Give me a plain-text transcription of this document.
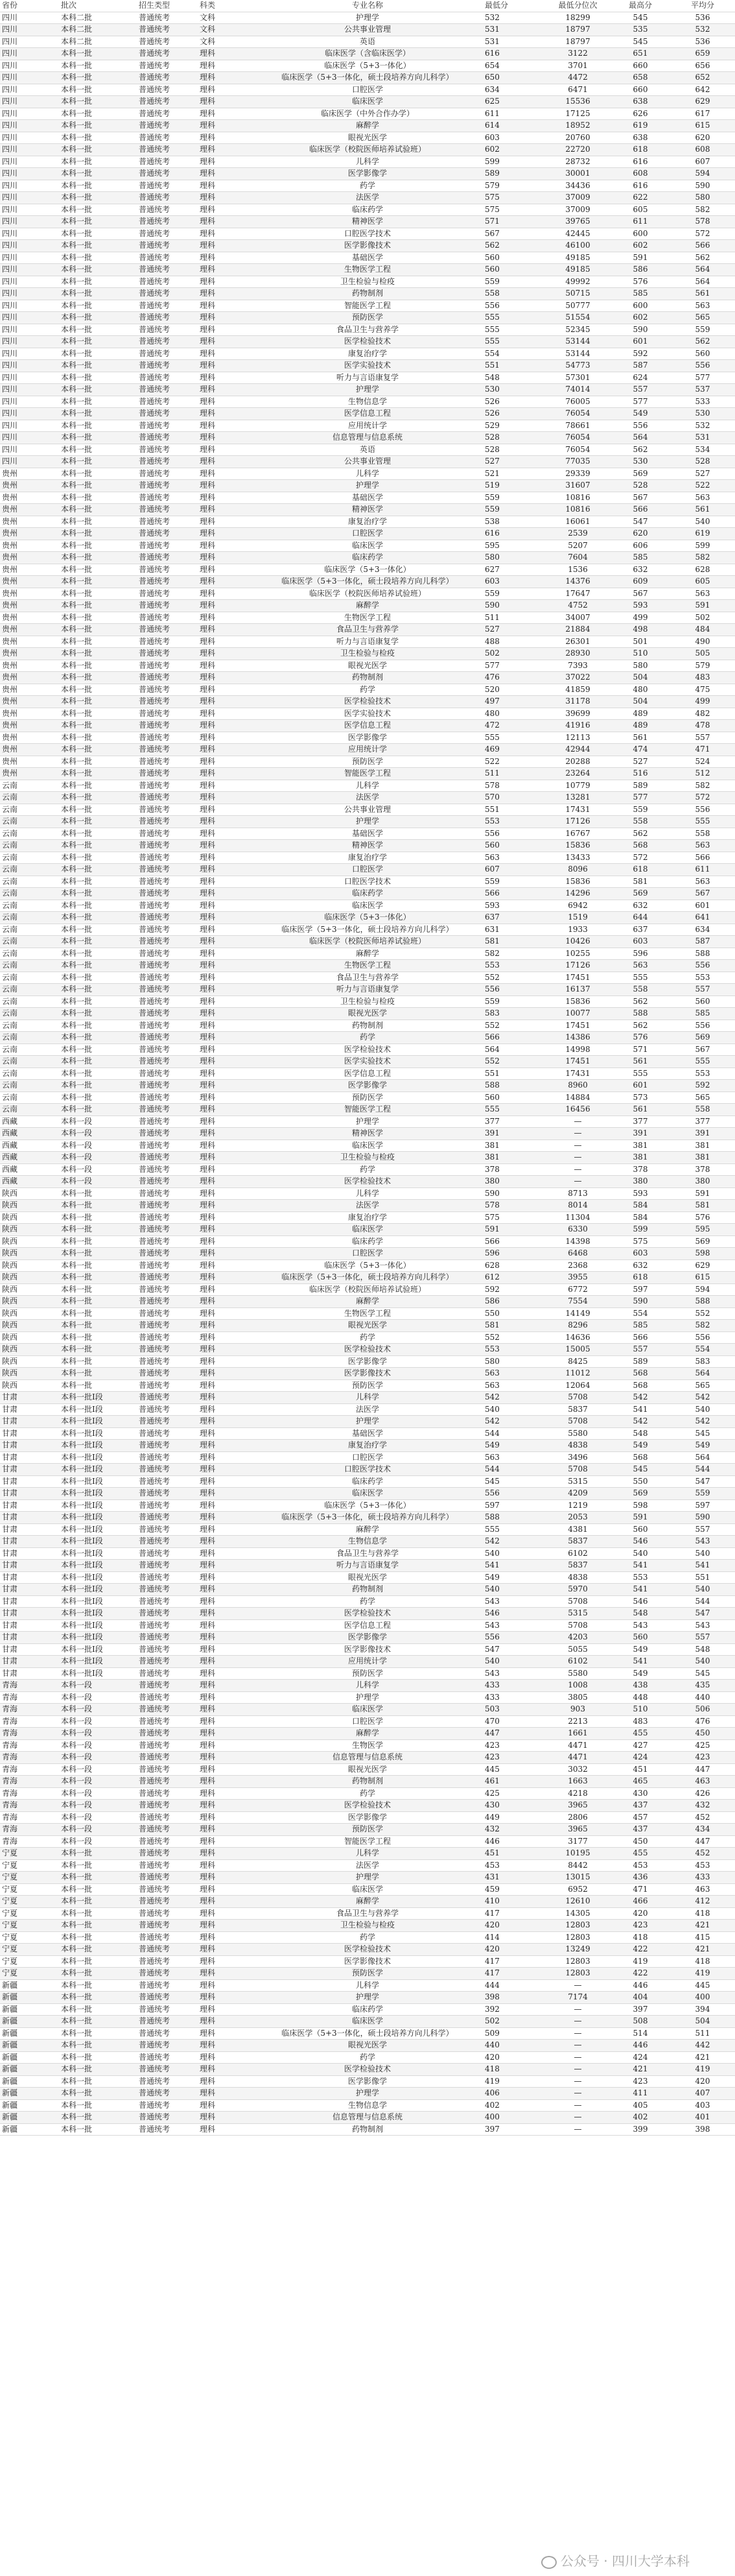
省份	批次	招生类型	科类	专业名称	最低分	最低分位次	最高分	平均分
四川	本科二批	普通统考	文科	护理学	532	18299	545	536
四川	本科二批	普通统考	文科	公共事业管理	531	18797	535	532
四川	本科二批	普通统考	文科	英语	531	18797	545	536
四川	本科一批	普通统考	理科	临床医学（含临床医学）	616	3122	651	659
四川	本科一批	普通统考	理科	临床医学（5+3一体化）	654	3701	660	656
四川	本科一批	普通统考	理科	临床医学（5+3一体化，硕士段培养方向儿科学）	650	4472	658	652
四川	本科一批	普通统考	理科	口腔医学	634	6471	660	642
四川	本科一批	普通统考	理科	临床医学	625	15536	638	629
四川	本科一批	普通统考	理科	临床医学（中外合作办学）	611	17125	626	617
四川	本科一批	普通统考	理科	麻醉学	614	18952	619	615
四川	本科一批	普通统考	理科	眼视光医学	603	20760	638	620
四川	本科一批	普通统考	理科	临床医学（校院医师培养试验班）	602	22720	618	608
四川	本科一批	普通统考	理科	儿科学	599	28732	616	607
四川	本科一批	普通统考	理科	医学影像学	589	30001	608	594
四川	本科一批	普通统考	理科	药学	579	34436	616	590
四川	本科一批	普通统考	理科	法医学	575	37009	622	580
四川	本科一批	普通统考	理科	临床药学	575	37009	605	582
四川	本科一批	普通统考	理科	精神医学	571	39765	611	578
四川	本科一批	普通统考	理科	口腔医学技术	567	42445	600	572
四川	本科一批	普通统考	理科	医学影像技术	562	46100	602	566
四川	本科一批	普通统考	理科	基础医学	560	49185	591	562
四川	本科一批	普通统考	理科	生物医学工程	560	49185	586	564
四川	本科一批	普通统考	理科	卫生检验与检疫	559	49992	576	564
四川	本科一批	普通统考	理科	药物制剂	558	50715	585	561
四川	本科一批	普通统考	理科	智能医学工程	556	50777	600	563
四川	本科一批	普通统考	理科	预防医学	555	51554	602	565
四川	本科一批	普通统考	理科	食品卫生与营养学	555	52345	590	559
四川	本科一批	普通统考	理科	医学检验技术	555	53144	601	562
四川	本科一批	普通统考	理科	康复治疗学	554	53144	592	560
四川	本科一批	普通统考	理科	医学实验技术	551	54773	587	556
四川	本科一批	普通统考	理科	听力与言语康复学	548	57301	624	577
四川	本科一批	普通统考	理科	护理学	530	74014	557	537
四川	本科一批	普通统考	理科	生物信息学	526	76005	577	533
四川	本科一批	普通统考	理科	医学信息工程	526	76054	549	530
四川	本科一批	普通统考	理科	应用统计学	529	78661	556	532
四川	本科一批	普通统考	理科	信息管理与信息系统	528	76054	564	531
四川	本科一批	普通统考	理科	英语	528	76054	562	534
四川	本科一批	普通统考	理科	公共事业管理	527	77035	530	528
贵州	本科一批	普通统考	理科	儿科学	521	29339	569	527
贵州	本科一批	普通统考	理科	护理学	519	31607	528	522
贵州	本科一批	普通统考	理科	基础医学	559	10816	567	563
贵州	本科一批	普通统考	理科	精神医学	559	10816	566	561
贵州	本科一批	普通统考	理科	康复治疗学	538	16061	547	540
贵州	本科一批	普通统考	理科	口腔医学	616	2539	620	619
贵州	本科一批	普通统考	理科	临床医学	595	5207	606	599
贵州	本科一批	普通统考	理科	临床药学	580	7604	585	582
贵州	本科一批	普通统考	理科	临床医学（5+3一体化）	627	1536	632	628
贵州	本科一批	普通统考	理科	临床医学（5+3一体化，硕士段培养方向儿科学）	603	14376	609	605
贵州	本科一批	普通统考	理科	临床医学（校院医师培养试验班）	559	17647	567	563
贵州	本科一批	普通统考	理科	麻醉学	590	4752	593	591
贵州	本科一批	普通统考	理科	生物医学工程	511	34007	499	502
贵州	本科一批	普通统考	理科	食品卫生与营养学	527	21884	498	484
贵州	本科一批	普通统考	理科	听力与言语康复学	488	26301	501	490
贵州	本科一批	普通统考	理科	卫生检验与检疫	502	28930	510	505
贵州	本科一批	普通统考	理科	眼视光医学	577	7393	580	579
贵州	本科一批	普通统考	理科	药物制剂	476	37022	504	483
贵州	本科一批	普通统考	理科	药学	520	41859	480	475
贵州	本科一批	普通统考	理科	医学检验技术	497	31178	504	499
贵州	本科一批	普通统考	理科	医学实验技术	480	39699	489	482
贵州	本科一批	普通统考	理科	医学信息工程	472	41916	489	478
贵州	本科一批	普通统考	理科	医学影像学	555	12113	561	557
贵州	本科一批	普通统考	理科	应用统计学	469	42944	474	471
贵州	本科一批	普通统考	理科	预防医学	522	20288	527	524
贵州	本科一批	普通统考	理科	智能医学工程	511	23264	516	512
云南	本科一批	普通统考	理科	儿科学	578	10779	589	582
云南	本科一批	普通统考	理科	法医学	570	13281	577	572
云南	本科一批	普通统考	理科	公共事业管理	551	17431	559	556
云南	本科一批	普通统考	理科	护理学	553	17126	558	555
云南	本科一批	普通统考	理科	基础医学	556	16767	562	558
云南	本科一批	普通统考	理科	精神医学	560	15836	568	563
云南	本科一批	普通统考	理科	康复治疗学	563	13433	572	566
云南	本科一批	普通统考	理科	口腔医学	607	8096	618	611
云南	本科一批	普通统考	理科	口腔医学技术	559	15836	581	563
云南	本科一批	普通统考	理科	临床药学	566	14296	569	567
云南	本科一批	普通统考	理科	临床医学	593	6942	632	601
云南	本科一批	普通统考	理科	临床医学（5+3一体化）	637	1519	644	641
云南	本科一批	普通统考	理科	临床医学（5+3一体化，硕士段培养方向儿科学）	631	1933	637	634
云南	本科一批	普通统考	理科	临床医学（校院医师培养试验班）	581	10426	603	587
云南	本科一批	普通统考	理科	麻醉学	582	10255	596	588
云南	本科一批	普通统考	理科	生物医学工程	553	17126	563	556
云南	本科一批	普通统考	理科	食品卫生与营养学	552	17451	555	553
云南	本科一批	普通统考	理科	听力与言语康复学	556	16137	558	557
云南	本科一批	普通统考	理科	卫生检验与检疫	559	15836	562	560
云南	本科一批	普通统考	理科	眼视光医学	583	10077	588	585
云南	本科一批	普通统考	理科	药物制剂	552	17451	562	556
云南	本科一批	普通统考	理科	药学	566	14386	576	569
云南	本科一批	普通统考	理科	医学检验技术	564	14998	571	567
云南	本科一批	普通统考	理科	医学实验技术	552	17451	561	555
云南	本科一批	普通统考	理科	医学信息工程	551	17431	555	553
云南	本科一批	普通统考	理科	医学影像学	588	8960	601	592
云南	本科一批	普通统考	理科	预防医学	560	14884	573	565
云南	本科一批	普通统考	理科	智能医学工程	555	16456	561	558
西藏	本科一段	普通统考	理科	护理学	377	—	377	377
西藏	本科一段	普通统考	理科	精神医学	391	—	391	391
西藏	本科一段	普通统考	理科	临床医学	381	—	381	381
西藏	本科一段	普通统考	理科	卫生检验与检疫	381	—	381	381
西藏	本科一段	普通统考	理科	药学	378	—	378	378
西藏	本科一段	普通统考	理科	医学检验技术	380	—	380	380
陕西	本科一批	普通统考	理科	儿科学	590	8713	593	591
陕西	本科一批	普通统考	理科	法医学	578	8014	584	581
陕西	本科一批	普通统考	理科	康复治疗学	575	11304	584	576
陕西	本科一批	普通统考	理科	临床医学	591	6330	599	595
陕西	本科一批	普通统考	理科	临床药学	566	14398	575	569
陕西	本科一批	普通统考	理科	口腔医学	596	6468	603	598
陕西	本科一批	普通统考	理科	临床医学（5+3一体化）	628	2368	632	629
陕西	本科一批	普通统考	理科	临床医学（5+3一体化，硕士段培养方向儿科学）	612	3955	618	615
陕西	本科一批	普通统考	理科	临床医学（校院医师培养试验班）	592	6772	597	594
陕西	本科一批	普通统考	理科	麻醉学	586	7554	590	588
陕西	本科一批	普通统考	理科	生物医学工程	550	14149	554	552
陕西	本科一批	普通统考	理科	眼视光医学	581	8296	585	582
陕西	本科一批	普通统考	理科	药学	552	14636	566	556
陕西	本科一批	普通统考	理科	医学检验技术	553	15005	557	554
陕西	本科一批	普通统考	理科	医学影像学	580	8425	589	583
陕西	本科一批	普通统考	理科	医学影像技术	563	11012	568	564
陕西	本科一批	普通统考	理科	预防医学	563	12064	568	565
甘肃	本科一批Ⅰ段	普通统考	理科	儿科学	542	5708	542	542
甘肃	本科一批Ⅰ段	普通统考	理科	法医学	540	5837	541	540
甘肃	本科一批Ⅰ段	普通统考	理科	护理学	542	5708	542	542
甘肃	本科一批Ⅰ段	普通统考	理科	基础医学	544	5580	548	545
甘肃	本科一批Ⅰ段	普通统考	理科	康复治疗学	549	4838	549	549
甘肃	本科一批Ⅰ段	普通统考	理科	口腔医学	563	3496	568	564
甘肃	本科一批Ⅰ段	普通统考	理科	口腔医学技术	544	5708	545	544
甘肃	本科一批Ⅰ段	普通统考	理科	临床药学	545	5315	550	547
甘肃	本科一批Ⅰ段	普通统考	理科	临床医学	556	4209	569	559
甘肃	本科一批Ⅰ段	普通统考	理科	临床医学（5+3一体化）	597	1219	598	597
甘肃	本科一批Ⅰ段	普通统考	理科	临床医学（5+3一体化，硕士段培养方向儿科学）	588	2053	591	590
甘肃	本科一批Ⅰ段	普通统考	理科	麻醉学	555	4381	560	557
甘肃	本科一批Ⅰ段	普通统考	理科	生物信息学	542	5837	546	543
甘肃	本科一批Ⅰ段	普通统考	理科	食品卫生与营养学	540	6102	540	540
甘肃	本科一批Ⅰ段	普通统考	理科	听力与言语康复学	541	5837	541	541
甘肃	本科一批Ⅰ段	普通统考	理科	眼视光医学	549	4838	553	551
甘肃	本科一批Ⅰ段	普通统考	理科	药物制剂	540	5970	541	540
甘肃	本科一批Ⅰ段	普通统考	理科	药学	543	5708	546	544
甘肃	本科一批Ⅰ段	普通统考	理科	医学检验技术	546	5315	548	547
甘肃	本科一批Ⅰ段	普通统考	理科	医学信息工程	543	5708	543	543
甘肃	本科一批Ⅰ段	普通统考	理科	医学影像学	556	4203	560	557
甘肃	本科一批Ⅰ段	普通统考	理科	医学影像技术	547	5055	549	548
甘肃	本科一批Ⅰ段	普通统考	理科	应用统计学	540	6102	541	540
甘肃	本科一批Ⅰ段	普通统考	理科	预防医学	543	5580	549	545
青海	本科一段	普通统考	理科	儿科学	433	1008	438	435
青海	本科一段	普通统考	理科	护理学	433	3805	448	440
青海	本科一段	普通统考	理科	临床医学	503	903	510	506
青海	本科一段	普通统考	理科	口腔医学	470	2213	483	476
青海	本科一段	普通统考	理科	麻醉学	447	1661	455	450
青海	本科一段	普通统考	理科	生物医学	423	4471	427	425
青海	本科一段	普通统考	理科	信息管理与信息系统	423	4471	424	423
青海	本科一段	普通统考	理科	眼视光医学	445	3032	451	447
青海	本科一段	普通统考	理科	药物制剂	461	1663	465	463
青海	本科一段	普通统考	理科	药学	425	4218	430	426
青海	本科一段	普通统考	理科	医学检验技术	430	3965	437	432
青海	本科一段	普通统考	理科	医学影像学	449	2806	457	452
青海	本科一段	普通统考	理科	预防医学	432	3965	437	434
青海	本科一段	普通统考	理科	智能医学工程	446	3177	450	447
宁夏	本科一批	普通统考	理科	儿科学	451	10195	455	452
宁夏	本科一批	普通统考	理科	法医学	453	8442	453	453
宁夏	本科一批	普通统考	理科	护理学	431	13015	436	433
宁夏	本科一批	普通统考	理科	临床医学	459	6952	471	463
宁夏	本科一批	普通统考	理科	麻醉学	410	12610	466	412
宁夏	本科一批	普通统考	理科	食品卫生与营养学	417	14305	420	418
宁夏	本科一批	普通统考	理科	卫生检验与检疫	420	12803	423	421
宁夏	本科一批	普通统考	理科	药学	414	12803	418	415
宁夏	本科一批	普通统考	理科	医学检验技术	420	13249	422	421
宁夏	本科一批	普通统考	理科	医学影像技术	417	12803	419	418
宁夏	本科一批	普通统考	理科	预防医学	417	12803	422	419
新疆	本科一批	普通统考	理科	儿科学	444	—	446	445
新疆	本科一批	普通统考	理科	护理学	398	7174	404	400
新疆	本科一批	普通统考	理科	临床药学	392	—	397	394
新疆	本科一批	普通统考	理科	临床医学	502	—	508	504
新疆	本科一批	普通统考	理科	临床医学（5+3一体化，硕士段培养方向儿科学）	509	—	514	511
新疆	本科一批	普通统考	理科	眼视光医学	440	—	446	442
新疆	本科一批	普通统考	理科	药学	420	—	424	421
新疆	本科一批	普通统考	理科	医学检验技术	418	—	421	419
新疆	本科一批	普通统考	理科	医学影像学	419	—	423	420
新疆	本科一批	普通统考	理科	护理学	406	—	411	407
新疆	本科一批	普通统考	理科	生物信息学	402	—	405	403
新疆	本科一批	普通统考	理科	信息管理与信息系统	400	—	402	401
新疆	本科一批	普通统考	理科	药物制剂	397	—	399	398
公众号 · 四川大学本科
